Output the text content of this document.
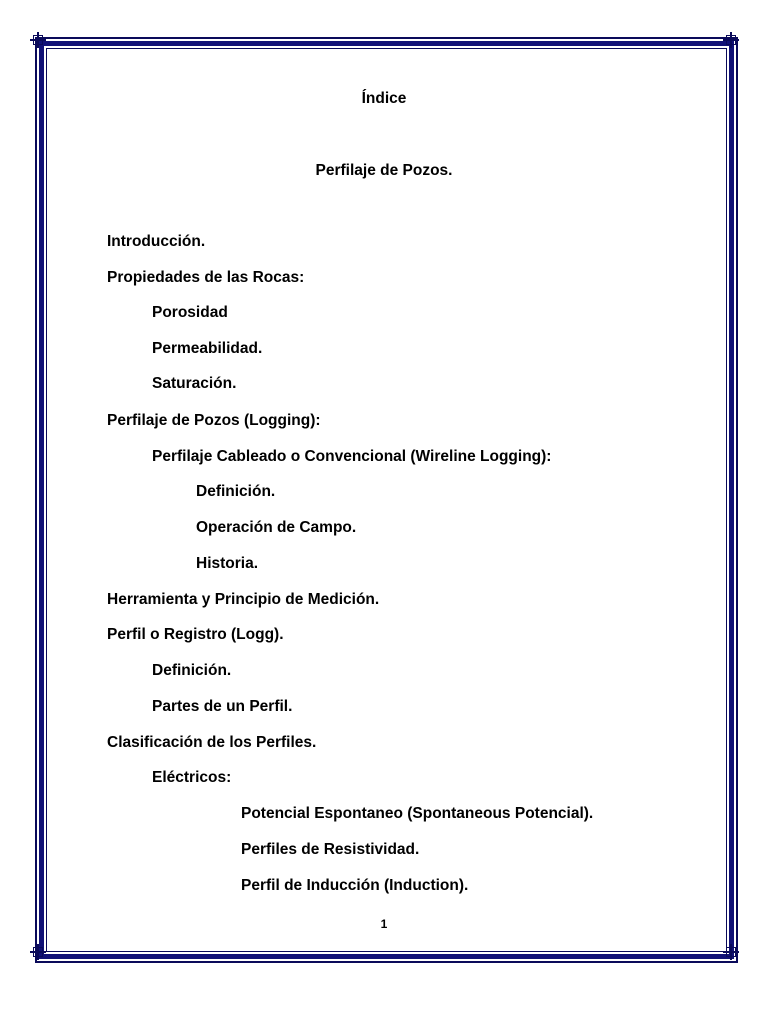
Índice
Perfilaje de Pozos.
Introducción.
Propiedades de las Rocas:
Porosidad
Permeabilidad.
Saturación.
Perfilaje de Pozos (Logging):
Perfilaje Cableado o Convencional (Wireline Logging):
Definición.
Operación de Campo.
Historia.
Herramienta y Principio de Medición.
Perfil o Registro (Logg).
Definición.
Partes de un Perfil.
Clasificación de los Perfiles.
Eléctricos:
Potencial Espontaneo (Spontaneous Potencial).
Perfiles de Resistividad.
Perfil de Inducción (Induction).
1
